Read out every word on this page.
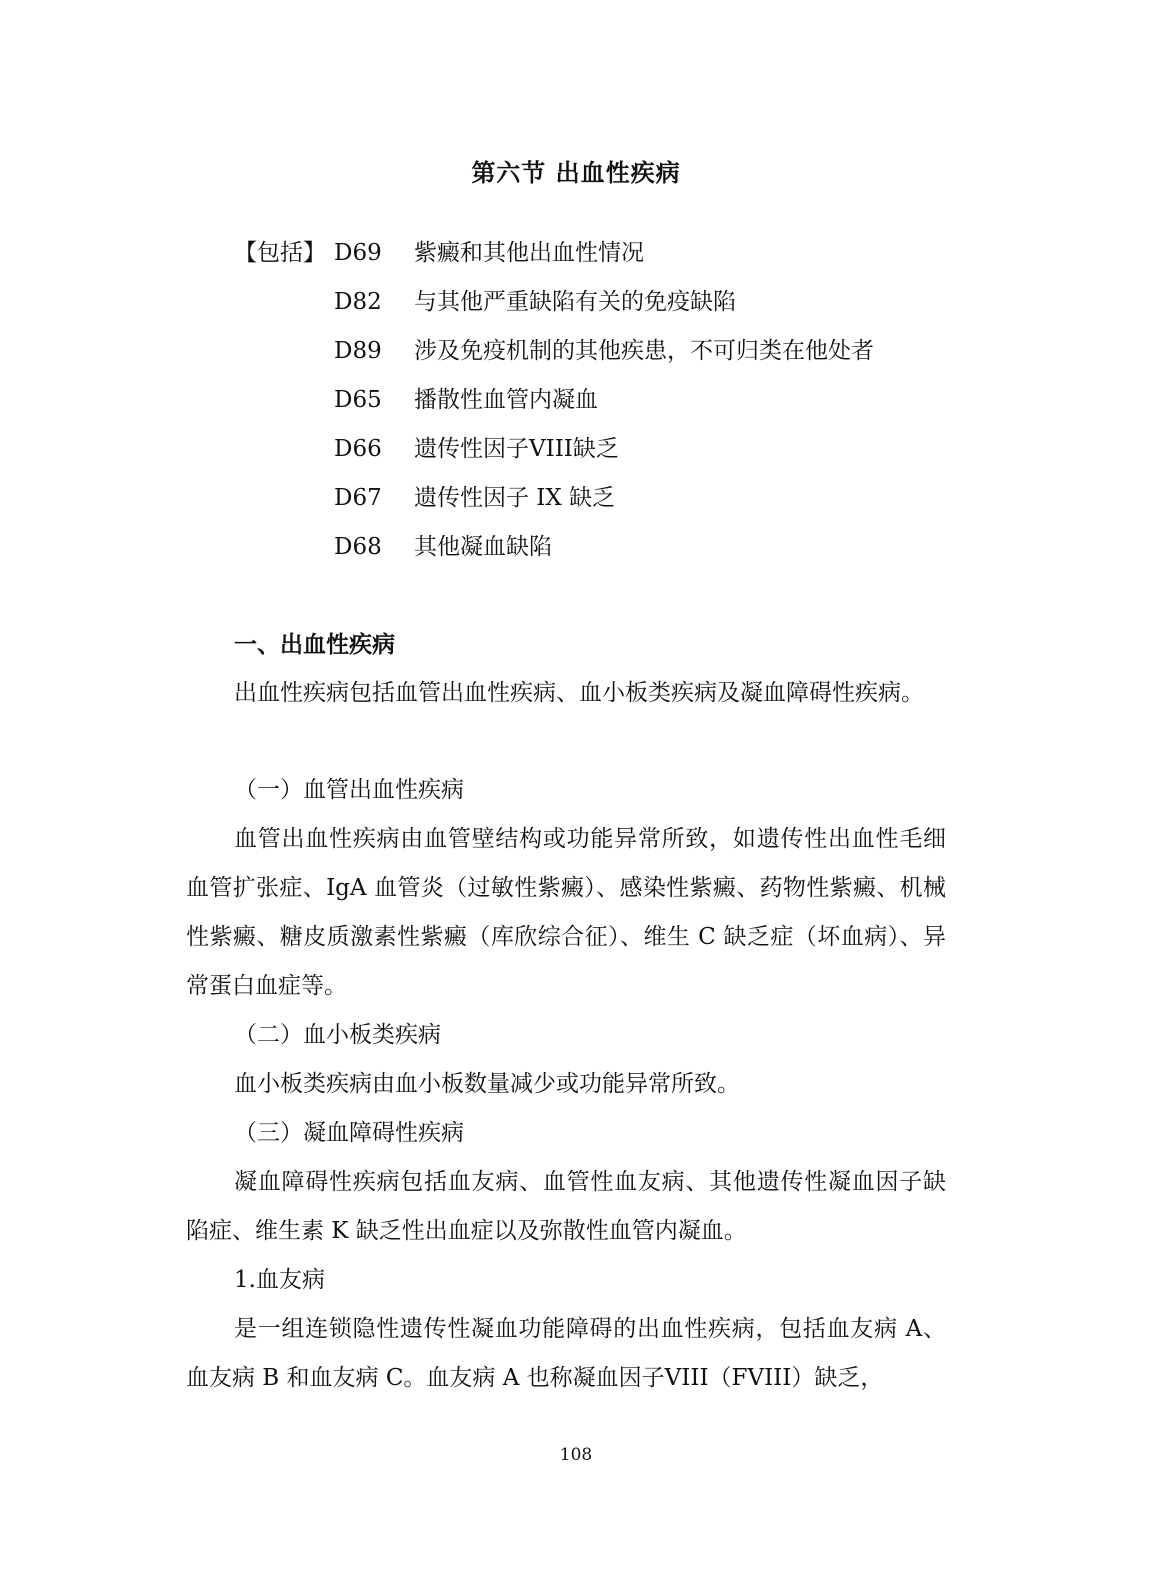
第六节 出血性疾病
【包括】 D69	紫癜和其他出血性情况
D82	与其他严重缺陷有关的免疫缺陷
D89	涉及免疫机制的其他疾患，不可归类在他处者
D65	播散性血管内凝血
D66	遗传性因子VIII缺乏
D67	遗传性因子 IX 缺乏
D68	其他凝血缺陷
一、出血性疾病

出血性疾病包括血管出血性疾病、血小板类疾病及凝血障碍性疾病。

（一）血管出血性疾病

血管出血性疾病由血管壁结构或功能异常所致，如遗传性出血性毛细血管扩张症、IgA 血管炎（过敏性紫癜）、感染性紫癜、药物性紫癜、机械性紫癜、糖皮质激素性紫癜（库欣综合征）、维生 C 缺乏症（坏血病）、异常蛋白血症等。

（二）血小板类疾病

血小板类疾病由血小板数量减少或功能异常所致。

（三）凝血障碍性疾病

凝血障碍性疾病包括血友病、血管性血友病、其他遗传性凝血因子缺陷症、维生素 K 缺乏性出血症以及弥散性血管内凝血。

1.血友病

是一组连锁隐性遗传性凝血功能障碍的出血性疾病，包括血友病 A、血友病 B 和血友病 C。血友病 A 也称凝血因子VIII（FVIII）缺乏，

108
